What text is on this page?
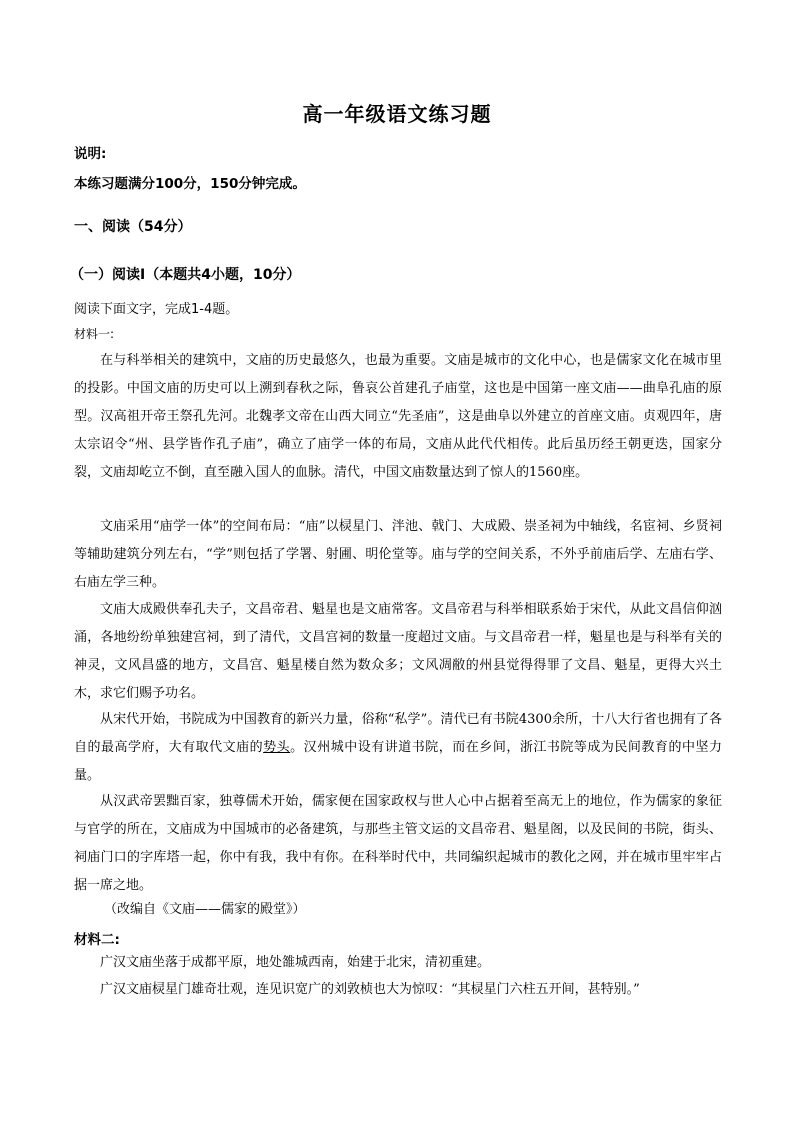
高一年级语文练习题
说明:
本练习题满分100分，150分钟完成。
一、阅读（54分）
（一）阅读Ⅰ（本题共4小题，10分）
阅读下面文字，完成1-4题。
材料一:
在与科举相关的建筑中，文庙的历史最悠久，也最为重要。文庙是城市的文化中心，也是儒家文化在城市里的投影。中国文庙的历史可以上溯到春秋之际，鲁哀公首建孔子庙堂，这也是中国第一座文庙——曲阜孔庙的原型。汉高祖开帝王祭孔先河。北魏孝文帝在山西大同立“先圣庙”，这是曲阜以外建立的首座文庙。贞观四年，唐太宗诏令“州、县学皆作孔子庙”，确立了庙学一体的布局，文庙从此代代相传。此后虽历经王朝更迭，国家分裂，文庙却屹立不倒，直至融入国人的血脉。清代，中国文庙数量达到了惊人的1560座。
文庙采用“庙学一体”的空间布局：“庙”以棂星门、泮池、戟门、大成殿、崇圣祠为中轴线，名宦祠、乡贤祠等辅助建筑分列左右，“学”则包括了学署、射圃、明伦堂等。庙与学的空间关系，不外乎前庙后学、左庙右学、右庙左学三种。
文庙大成殿供奉孔夫子，文昌帝君、魁星也是文庙常客。文昌帝君与科举相联系始于宋代，从此文昌信仰汹涌，各地纷纷单独建宫祠，到了清代，文昌宫祠的数量一度超过文庙。与文昌帝君一样，魁星也是与科举有关的神灵，文风昌盛的地方，文昌宫、魁星楼自然为数众多；文风凋敝的州县觉得得罪了文昌、魁星，更得大兴土木，求它们赐予功名。
从宋代开始，书院成为中国教育的新兴力量，俗称“私学”。清代已有书院4300余所，十八大行省也拥有了各自的最高学府，大有取代文庙的势头。汉州城中设有讲道书院，而在乡间，浙江书院等成为民间教育的中坚力量。
从汉武帝罢黜百家，独尊儒术开始，儒家便在国家政权与世人心中占据着至高无上的地位，作为儒家的象征与官学的所在，文庙成为中国城市的必备建筑，与那些主管文运的文昌帝君、魁星阁，以及民间的书院，街头、祠庙门口的字库塔一起，你中有我，我中有你。在科举时代中，共同编织起城市的教化之网，并在城市里牢牢占据一席之地。
（改编自《文庙——儒家的殿堂》）
材料二:
广汉文庙坐落于成都平原，地处雒城西南，始建于北宋，清初重建。
广汉文庙棂星门雄奇壮观，连见识宽广的刘敦桢也大为惊叹：“其棂星门六柱五开间，甚特别。”
